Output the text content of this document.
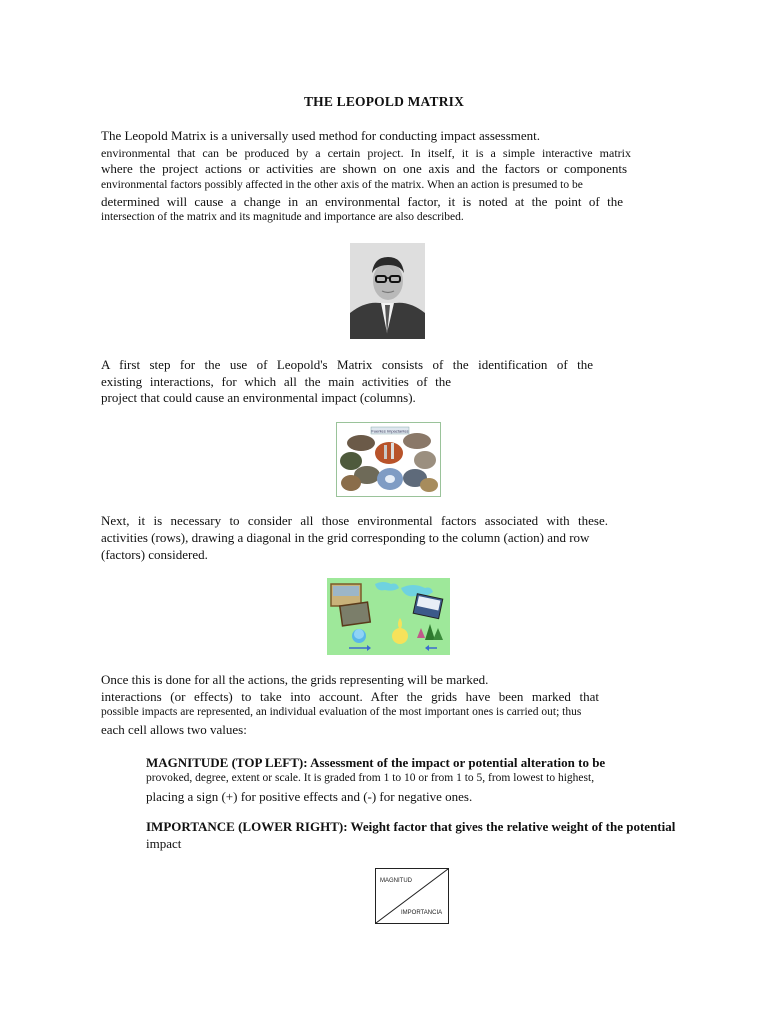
THE LEOPOLD MATRIX
The Leopold Matrix is a universally used method for conducting impact assessment.
environmental that can be produced by a certain project. In itself, it is a simple interactive matrix
where the project actions or activities are shown on one axis and the factors or components
environmental factors possibly affected in the other axis of the matrix. When an action is presumed to be
determined will cause a change in an environmental factor, it is noted at the point of the
intersection of the matrix and its magnitude and importance are also described.
A first step for the use of Leopold's Matrix consists of the identification of the
existing interactions, for which all the main activities of the
project that could cause an environmental impact (columns).
Fuentes Impactantes
Next, it is necessary to consider all those environmental factors associated with these.
activities (rows), drawing a diagonal in the grid corresponding to the column (action) and row
(factors) considered.
Once this is done for all the actions, the grids representing will be marked.
interactions (or effects) to take into account. After the grids have been marked that
possible impacts are represented, an individual evaluation of the most important ones is carried out; thus
each cell allows two values:
MAGNITUDE (TOP LEFT): Assessment of the impact or potential alteration to be
provoked, degree, extent or scale. It is graded from 1 to 10 or from 1 to 5, from lowest to highest,
placing a sign (+) for positive effects and (-) for negative ones.
IMPORTANCE (LOWER RIGHT): Weight factor that gives the relative weight of the potential
impact
MAGNITUD
IMPORTANCIA
